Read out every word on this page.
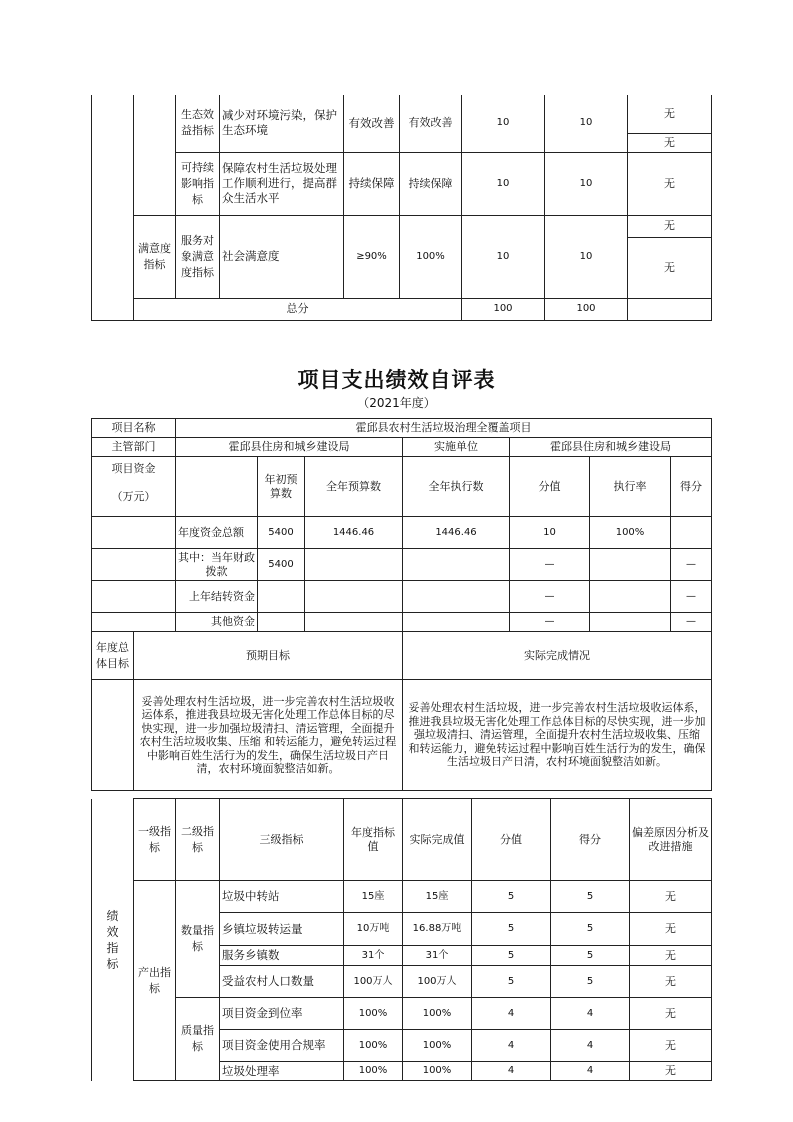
		生态效益指标	减少对环境污染，保护生态环境	有效改善	有效改善	10	10	无
								无
		可持续影响指标	保障农村生活垃圾处理工作顺利进行，提高群众生活水平	持续保障	持续保障	10	10	无
	满意度指标	服务对象满意度指标	社会满意度	≥90%	100%	10	10	无
								无
	总分					100	100	
项目支出绩效自评表
（2021年度）
项目名称		霍邱县农村生活垃圾治理全覆盖项目						
主管部门		霍邱县住房和城乡建设局			实施单位	霍邱县住房和城乡建设局		

项目资金
（万元）			年初预算数	全年预算数	全年执行数	分值	执行率	得分
		年度资金总额	5400	1446.46	1446.46	10	100%	
		其中：当年财政拨款	5400			—		—
		上年结转资金				—		—
		其他资金				—		—
年度总体目标	预期目标				实际完成情况			
	妥善处理农村生活垃圾，进一步完善农村生活垃圾收运体系，推进我县垃圾无害化处理工作总体目标的尽快实现，进一步加强垃圾清扫、清运管理，全面提升农村生活垃圾收集、压缩 和转运能力，避免转运过程中影响百姓生活行为的发生，确保生活垃圾日产日清，农村环境面貌整洁如新。				妥善处理农村生活垃圾，进一步完善农村生活垃圾收运体系，推进我县垃圾无害化处理工作总体目标的尽快实现，进一步加强垃圾清扫、清运管理，全面提升农村生活垃圾收集、压缩 和转运能力，避免转运过程中影响百姓生活行为的发生，确保生活垃圾日产日清，农村环境面貌整洁如新。			
绩效指标	一级指标	二级指标	三级指标	年度指标值	实际完成值	分值	得分	偏差原因分析及改进措施
	产出指标	数量指标	垃圾中转站	15座	15座	5	5	无
			乡镇垃圾转运量	10万吨	16.88万吨	5	5	无
			服务乡镇数	31个	31个	5	5	无
			受益农村人口数量	100万人	100万人	5	5	无
		质量指标	项目资金到位率	100%	100%	4	4	无
			项目资金使用合规率	100%	100%	4	4	无
			垃圾处理率	100%	100%	4	4	无
